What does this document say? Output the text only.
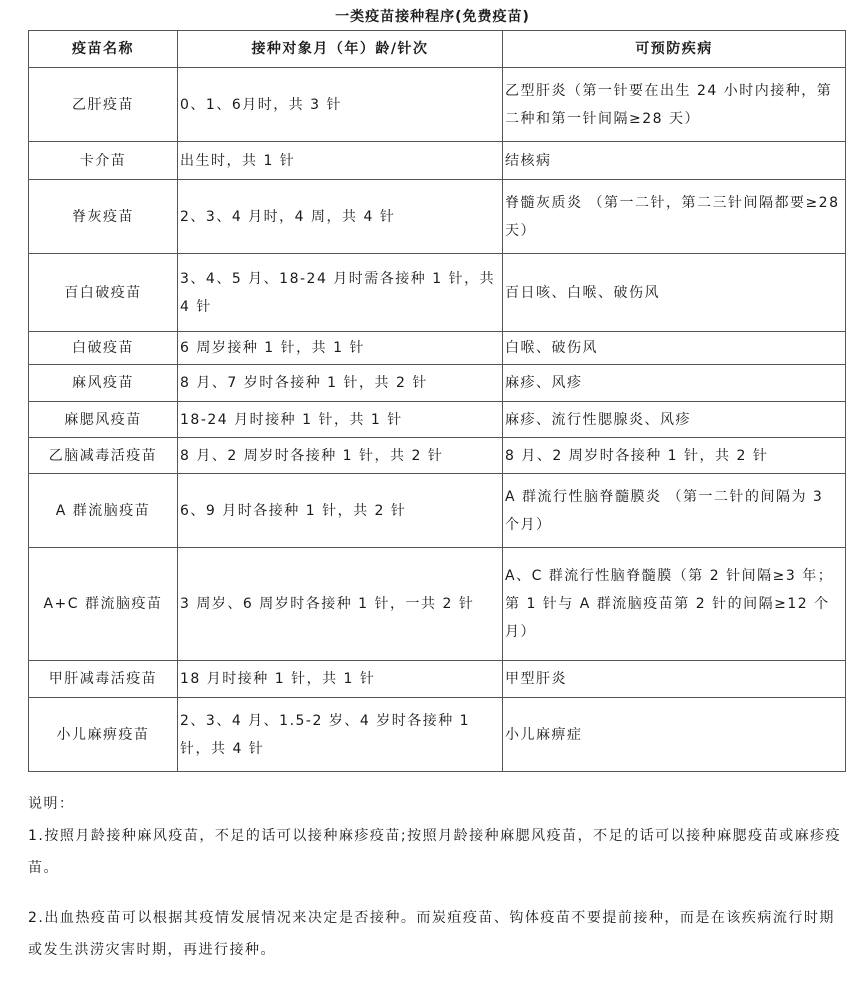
一类疫苗接种程序(免费疫苗)
疫苗名称	接种对象月（年）龄/针次	可预防疾病
乙肝疫苗	0、1、6月时，共 3 针	乙型肝炎（第一针要在出生 24 小时内接种，第二种和第一针间隔≥28 天）
卡介苗	出生时，共 1 针	结核病
脊灰疫苗	2、3、4 月时，4 周，共 4 针	脊髓灰质炎 （第一二针，第二三针间隔都要≥28 天）
百白破疫苗	3、4、5 月、18-24 月时需各接种 1 针，共 4 针	百日咳、白喉、破伤风
白破疫苗	6 周岁接种 1 针，共 1 针	白喉、破伤风
麻风疫苗	8 月、7 岁时各接种 1 针，共 2 针	麻疹、风疹
麻腮风疫苗	18-24 月时接种 1 针，共 1 针	麻疹、流行性腮腺炎、风疹
乙脑减毒活疫苗	8 月、2 周岁时各接种 1 针，共 2 针	8 月、2 周岁时各接种 1 针，共 2 针
A 群流脑疫苗	6、9 月时各接种 1 针，共 2 针	A 群流行性脑脊髓膜炎 （第一二针的间隔为 3 个月）
A+C 群流脑疫苗	3 周岁、6 周岁时各接种 1 针，一共 2 针	A、C 群流行性脑脊髓膜（第 2 针间隔≥3 年；第 1 针与 A 群流脑疫苗第 2 针的间隔≥12 个月）
甲肝减毒活疫苗	18 月时接种 1 针，共 1 针	甲型肝炎
小儿麻痹疫苗	2、3、4 月、1.5-2 岁、4 岁时各接种 1 针，共 4 针	小儿麻痹症

说明：

1.按照月龄接种麻风疫苗，不足的话可以接种麻疹疫苗;按照月龄接种麻腮风疫苗，不足的话可以接种麻腮疫苗或麻疹疫苗。

2.出血热疫苗可以根据其疫情发展情况来决定是否接种。而炭疽疫苗、钩体疫苗不要提前接种，而是在该疾病流行时期或发生洪涝灾害时期，再进行接种。
